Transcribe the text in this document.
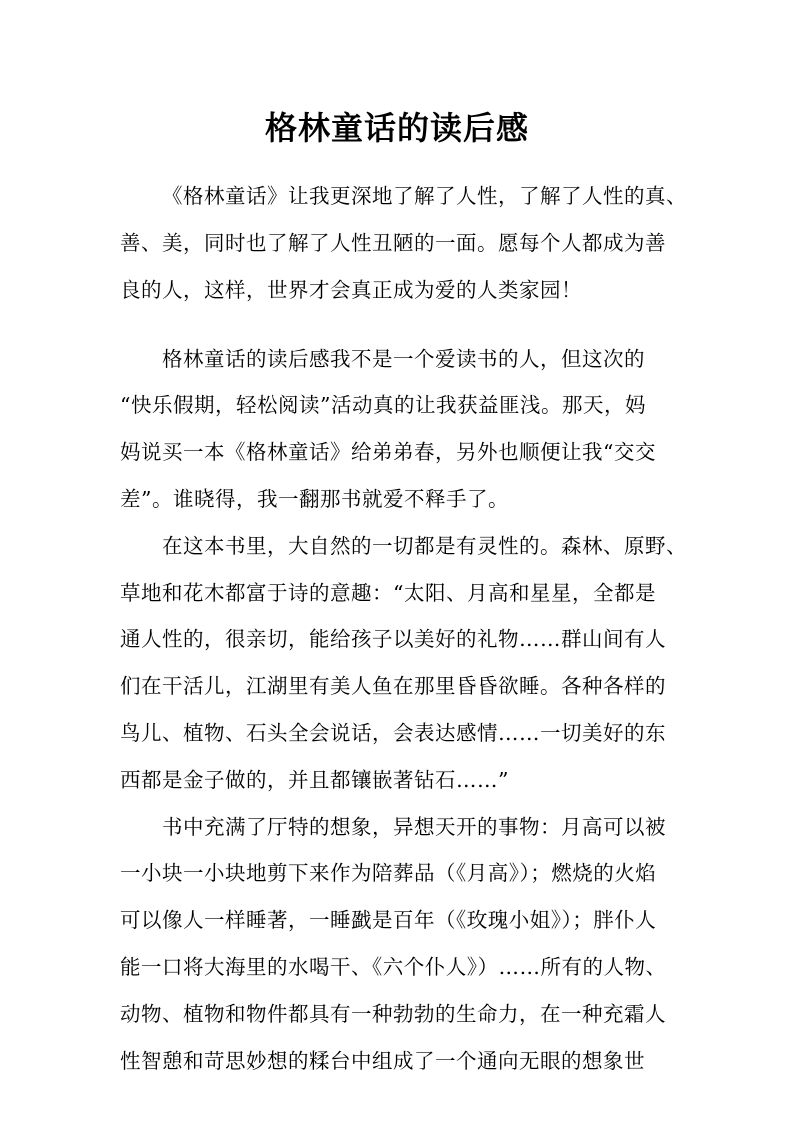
格林童话的读后感

《格林童话》让我更深地了解了人性，了解了人性的真、

善、美，同时也了解了人性丑陋的一面。愿每个人都成为善

良的人，这样，世界才会真正成为爱的人类家园！

格林童话的读后感我不是一个爱读书的人，但这次的

“快乐假期，轻松阅读”活动真的让我获益匪浅。那天，妈

妈说买一本《格林童话》给弟弟春，另外也顺便让我“交交

差”。谁晓得，我一翻那书就爱不释手了。

在这本书里，大自然的一切都是有灵性的。森林、原野、

草地和花木都富于诗的意趣：“太阳、月高和星星，全都是

通人性的，很亲切，能给孩子以美好的礼物……群山间有人

们在干活儿，江湖里有美人鱼在那里昏昏欲睡。各种各样的

鸟儿、植物、石头全会说话，会表达感情……一切美好的东

西都是金子做的，并且都镶嵌著钻石……”

书中充满了厅特的想象，异想天开的事物：月高可以被

一小块一小块地剪下来作为陪葬品（《月高》）；燃烧的火焰

可以像人一样睡著，一睡戤是百年（《玫瑰小姐》）；胖仆人

能一口将大海里的水喝干、《六个仆人》）……所有的人物、

动物、植物和物件都具有一种勃勃的生命力，在一种充霜人

性智憩和苛思妙想的糅台中组成了一个通向无眼的想象世
